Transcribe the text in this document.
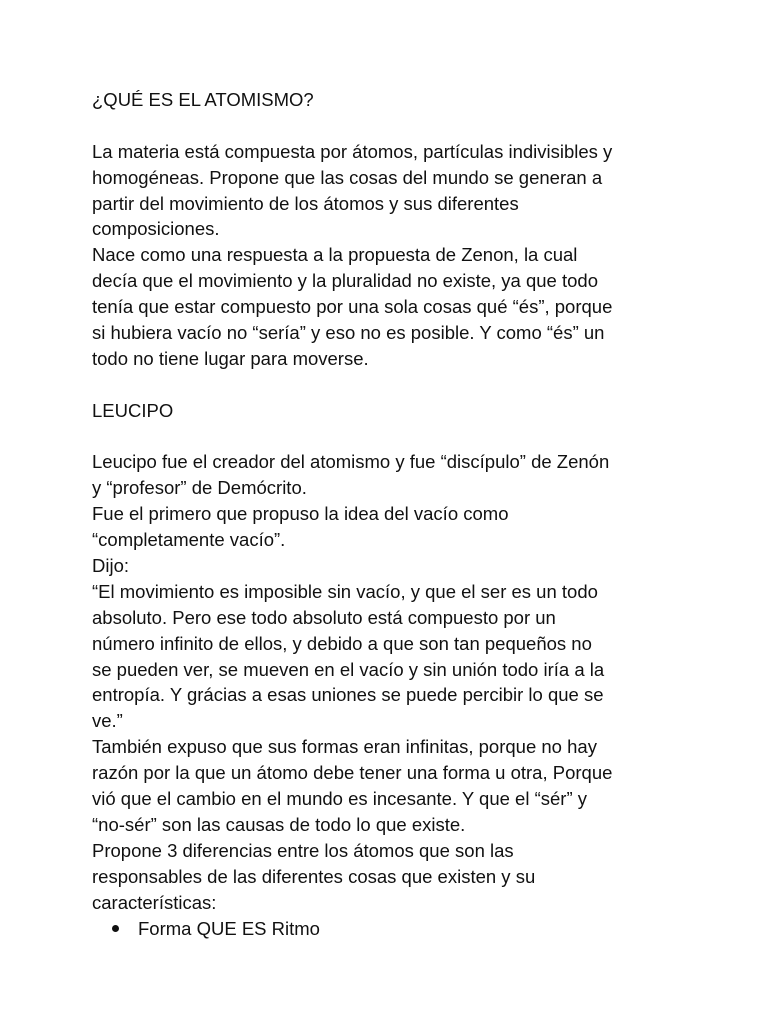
¿QUÉ ES EL ATOMISMO?
La materia está compuesta por átomos, partículas indivisibles y
homogéneas. Propone que las cosas del mundo se generan a
partir del movimiento de los átomos y sus diferentes
composiciones.
Nace como una respuesta a la propuesta de Zenon, la cual
decía que el movimiento y la pluralidad no existe, ya que todo
tenía que estar compuesto por una sola cosas qué “és”, porque
si hubiera vacío no “sería” y eso no es posible. Y como “és” un
todo no tiene lugar para moverse.
LEUCIPO
Leucipo fue el creador del atomismo y fue “discípulo” de Zenón
y “profesor” de Demócrito.
Fue el primero que propuso la idea del vacío como
“completamente vacío”.
Dijo:
“El movimiento es imposible sin vacío, y que el ser es un todo
absoluto. Pero ese todo absoluto está compuesto por un
número infinito de ellos, y debido a que son tan pequeños no
se pueden ver, se mueven en el vacío y sin unión todo iría a la
entropía. Y grácias a esas uniones se puede percibir lo que se
ve.”
También expuso que sus formas eran infinitas, porque no hay
razón por la que un átomo debe tener una forma u otra, Porque
vió que el cambio en el mundo es incesante. Y que el “sér” y
“no-sér” son las causas de todo lo que existe.
Propone 3 diferencias entre los átomos que son las
responsables de las diferentes cosas que existen y su
características:
Forma QUE ES Ritmo
